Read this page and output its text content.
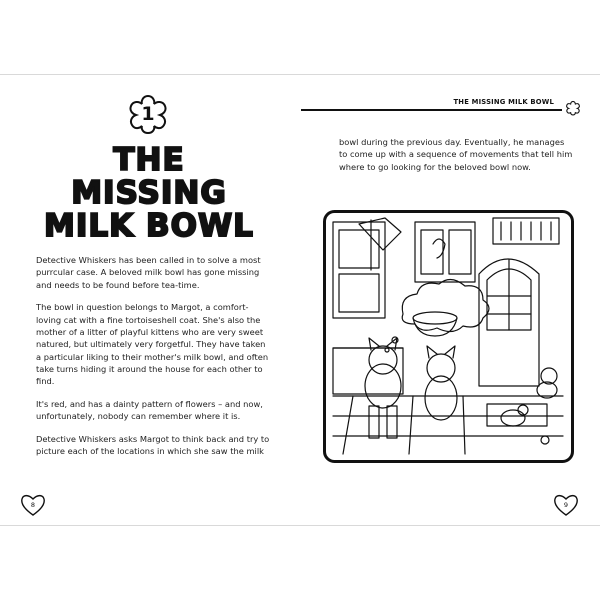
1
THE
MISSING
MILK BOWL

Detective Whiskers has been called in to solve a most purrcular case. A beloved milk bowl has gone missing and needs to be found before tea-time.

The bowl in question belongs to Margot, a comfort-loving cat with a fine tortoiseshell coat. She's also the mother of a litter of playful kittens who are very sweet natured, but ultimately very forgetful. They have taken a particular liking to their mother's milk bowl, and often take turns hiding it around the house for each other to find.

It's red, and has a dainty pattern of flowers – and now, unfortunately, nobody can remember where it is.

Detective Whiskers asks Margot to think back and try to picture each of the locations in which she saw the milk

THE MISSING MILK BOWL

bowl during the previous day. Eventually, he manages to come up with a sequence of movements that tell him where to go looking for the beloved bowl now.

8	9
